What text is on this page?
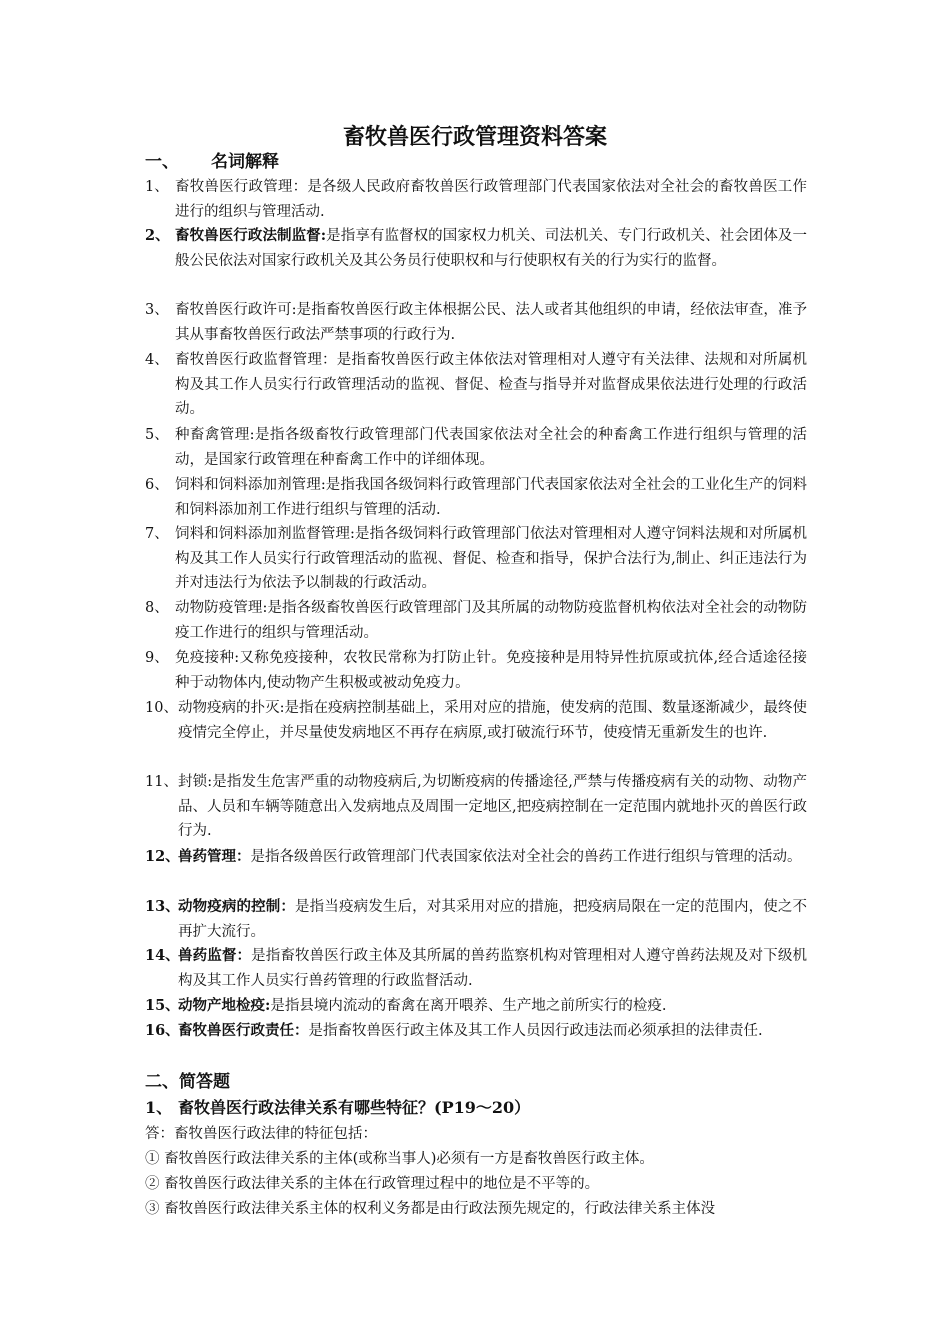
畜牧兽医行政管理资料答案
一、 名词解释
1、 畜牧兽医行政管理：是各级人民政府畜牧兽医行政管理部门代表国家依法对全社会的畜牧兽医工作进行的组织与管理活动.
2、 畜牧兽医行政法制监督:是指享有监督权的国家权力机关、司法机关、专门行政机关、社会团体及一般公民依法对国家行政机关及其公务员行使职权和与行使职权有关的行为实行的监督。
3、 畜牧兽医行政许可:是指畜牧兽医行政主体根据公民、法人或者其他组织的申请，经依法审查，准予其从事畜牧兽医行政法严禁事项的行政行为.
4、 畜牧兽医行政监督管理：是指畜牧兽医行政主体依法对管理相对人遵守有关法律、法规和对所属机构及其工作人员实行行政管理活动的监视、督促、检查与指导并对监督成果依法进行处理的行政活动。
5、 种畜禽管理:是指各级畜牧行政管理部门代表国家依法对全社会的种畜禽工作进行组织与管理的活动，是国家行政管理在种畜禽工作中的详细体现。
6、 饲料和饲料添加剂管理:是指我国各级饲料行政管理部门代表国家依法对全社会的工业化生产的饲料和饲料添加剂工作进行组织与管理的活动.
7、 饲料和饲料添加剂监督管理:是指各级饲料行政管理部门依法对管理相对人遵守饲料法规和对所属机构及其工作人员实行行政管理活动的监视、督促、检查和指导，保护合法行为,制止、纠正违法行为并对违法行为依法予以制裁的行政活动。
8、 动物防疫管理:是指各级畜牧兽医行政管理部门及其所属的动物防疫监督机构依法对全社会的动物防疫工作进行的组织与管理活动。
9、 免疫接种:又称免疫接种，农牧民常称为打防止针。免疫接种是用特异性抗原或抗体,经合适途径接种于动物体内,使动物产生积极或被动免疫力。
10、 动物疫病的扑灭:是指在疫病控制基础上，采用对应的措施，使发病的范围、数量逐渐减少，最终使疫情完全停止，并尽量使发病地区不再存在病原,或打破流行环节，使疫情无重新发生的也许.
11、 封锁:是指发生危害严重的动物疫病后,为切断疫病的传播途径,严禁与传播疫病有关的动物、动物产品、人员和车辆等随意出入发病地点及周围一定地区,把疫病控制在一定范围内就地扑灭的兽医行政行为.
12、
兽药管理：是指各级兽医行政管理部门代表国家依法对全社会的兽药工作进行组织与管理的活动。
13、
动物疫病的控制：是指当疫病发生后，对其采用对应的措施，把疫病局限在一定的范围内，使之不再扩大流行。
14、
兽药监督：是指畜牧兽医行政主体及其所属的兽药监察机构对管理相对人遵守兽药法规及对下级机构及其工作人员实行兽药管理的行政监督活动.
15、
动物产地检疫:是指县境内流动的畜禽在离开喂养、生产地之前所实行的检疫.
16、
畜牧兽医行政责任：是指畜牧兽医行政主体及其工作人员因行政违法而必须承担的法律责任.
二、简答题
1、 畜牧兽医行政法律关系有哪些特征？(P19～20）
答：畜牧兽医行政法律的特征包括：
① 畜牧兽医行政法律关系的主体(或称当事人)必须有一方是畜牧兽医行政主体。
② 畜牧兽医行政法律关系的主体在行政管理过程中的地位是不平等的。
③ 畜牧兽医行政法律关系主体的权利义务都是由行政法预先规定的，行政法律关系主体没
